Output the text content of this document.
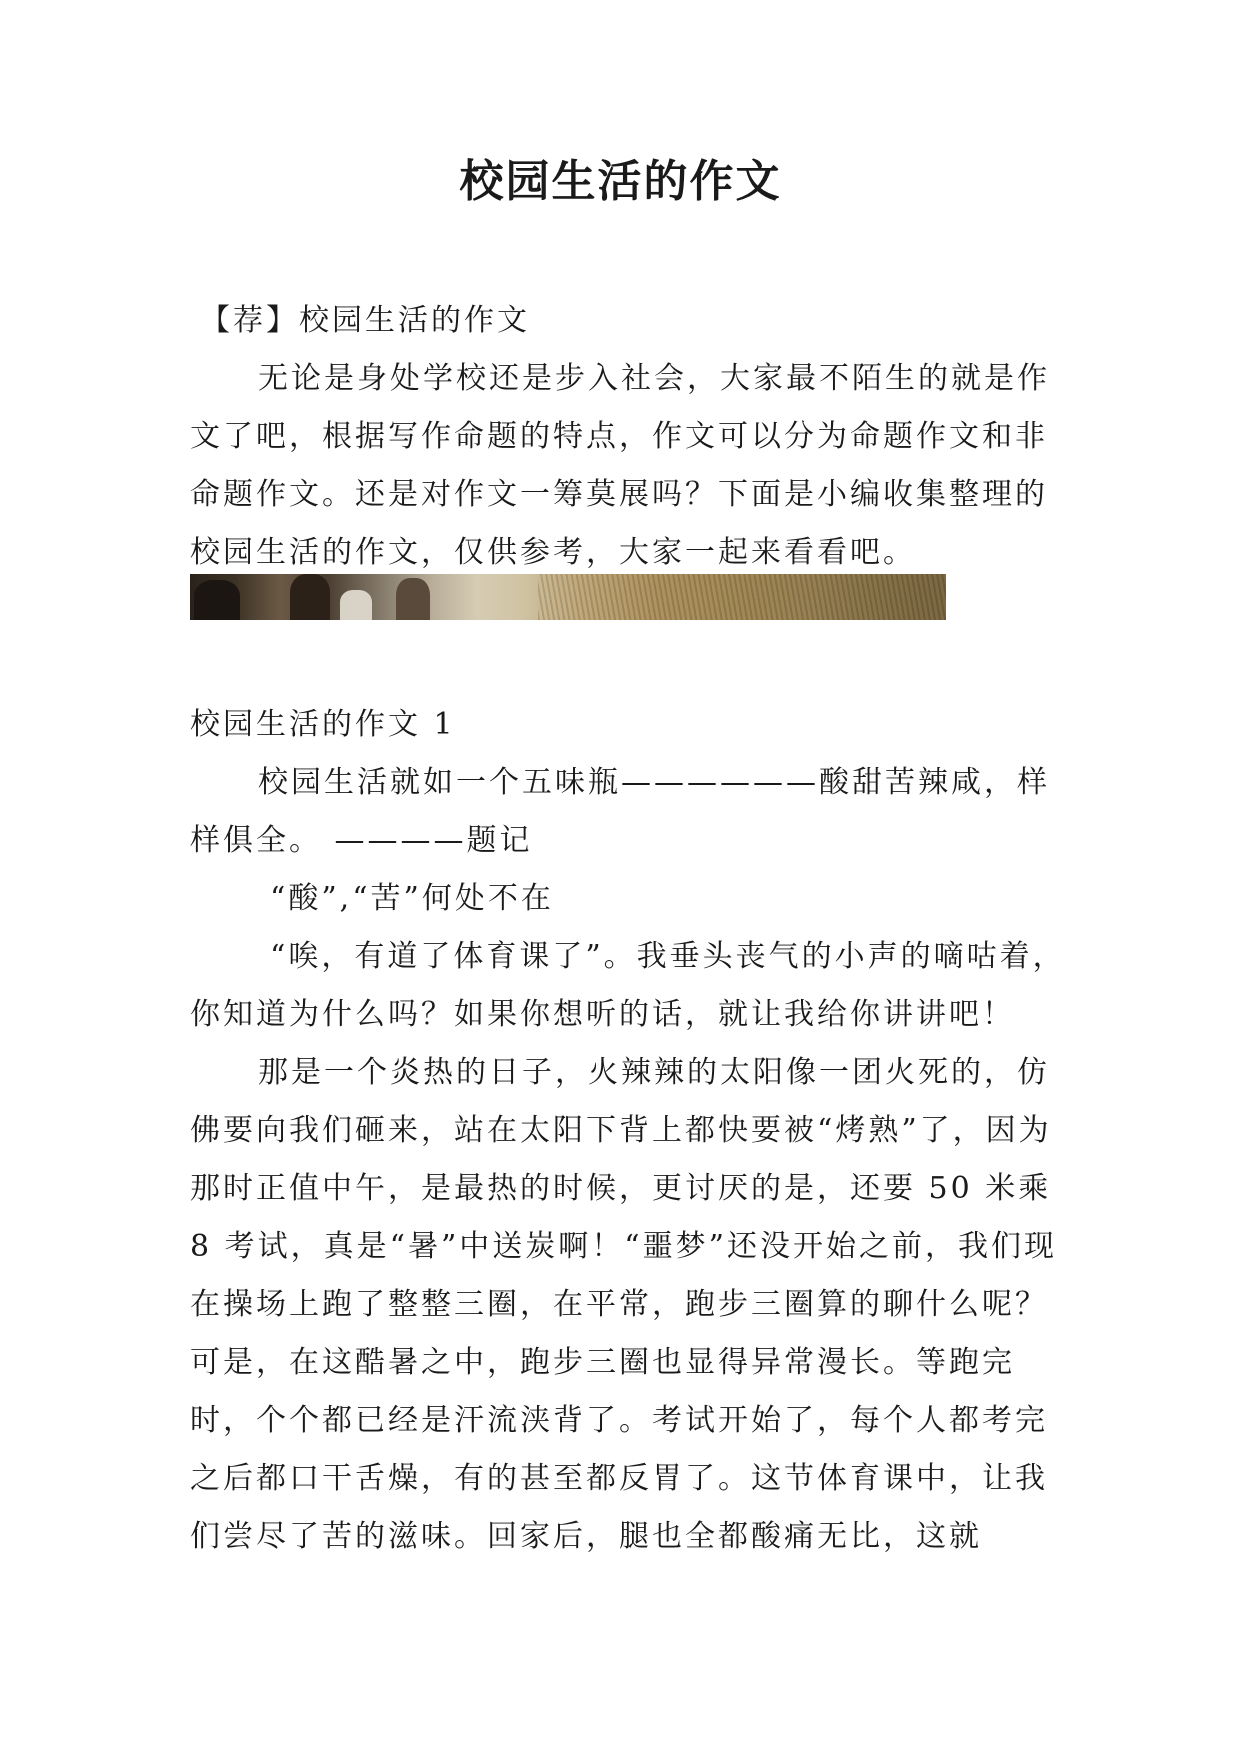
校园生活的作文

【荐】校园生活的作文

无论是身处学校还是步入社会，大家最不陌生的就是作文了吧，根据写作命题的特点，作文可以分为命题作文和非命题作文。还是对作文一筹莫展吗？下面是小编收集整理的校园生活的作文，仅供参考，大家一起来看看吧。

校园生活的作文 1

校园生活就如一个五味瓶——————酸甜苦辣咸，样样俱全。 ————题记

“酸”,“苦”何处不在

“唉，有道了体育课了”。我垂头丧气的小声的嘀咕着，你知道为什么吗？如果你想听的话，就让我给你讲讲吧！

那是一个炎热的日子，火辣辣的太阳像一团火死的，仿佛要向我们砸来，站在太阳下背上都快要被“烤熟”了，因为那时正值中午，是最热的时候，更讨厌的是，还要 50 米乘 8 考试，真是“暑”中送炭啊！“噩梦”还没开始之前，我们现在操场上跑了整整三圈，在平常，跑步三圈算的聊什么呢？可是，在这酷暑之中，跑步三圈也显得异常漫长。等跑完时，个个都已经是汗流浃背了。考试开始了，每个人都考完之后都口干舌燥，有的甚至都反胃了。这节体育课中，让我们尝尽了苦的滋味。回家后，腿也全都酸痛无比，这就
